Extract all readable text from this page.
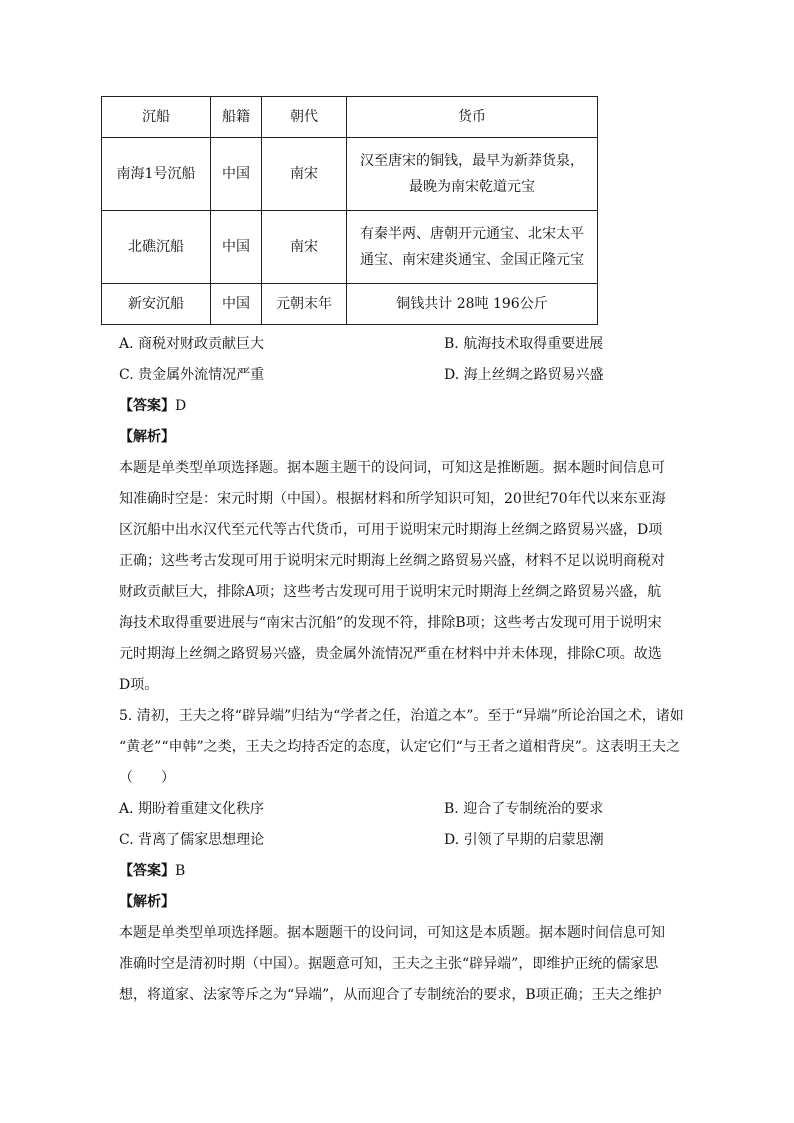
沉船	船籍	朝代	货币
南海1号沉船	中国	南宋	汉至唐宋的铜钱，最早为新莽货泉，
最晚为南宋乾道元宝

北礁沉船	中国	南宋	有秦半两、唐朝开元通宝、北宋太平
通宝、南宋建炎通宝、金国正隆元宝

新安沉船	中国	元朝末年	铜钱共计 28吨 196公斤
A. 商税对财政贡献巨大	B. 航海技术取得重要进展
C. 贵金属外流情况严重	D. 海上丝绸之路贸易兴盛
【答案】D
【解析】
本题是单类型单项选择题。据本题主题干的设问词，可知这是推断题。据本题时间信息可
知准确时空是：宋元时期（中国）。根据材料和所学知识可知，20世纪70年代以来东亚海
区沉船中出水汉代至元代等古代货币，可用于说明宋元时期海上丝绸之路贸易兴盛，D项
正确；这些考古发现可用于说明宋元时期海上丝绸之路贸易兴盛，材料不足以说明商税对
财政贡献巨大，排除A项；这些考古发现可用于说明宋元时期海上丝绸之路贸易兴盛，航
海技术取得重要进展与“南宋古沉船”的发现不符，排除B项；这些考古发现可用于说明宋
元时期海上丝绸之路贸易兴盛，贵金属外流情况严重在材料中并未体现，排除C项。故选
D项。
5. 清初，王夫之将“辟异端”归结为“学者之任，治道之本”。至于“异端”所论治国之术，诸如
“黄老”“申韩”之类，王夫之均持否定的态度，认定它们“与王者之道相背戾”。这表明王夫之
（　　）
A. 期盼着重建文化秩序	B. 迎合了专制统治的要求
C. 背离了儒家思想理论	D. 引领了早期的启蒙思潮
【答案】B
【解析】
本题是单类型单项选择题。据本题题干的设问词，可知这是本质题。据本题时间信息可知
准确时空是清初时期（中国）。据题意可知，王夫之主张“辟异端”，即维护正统的儒家思
想，将道家、法家等斥之为“异端”，从而迎合了专制统治的要求，B项正确；王夫之维护
